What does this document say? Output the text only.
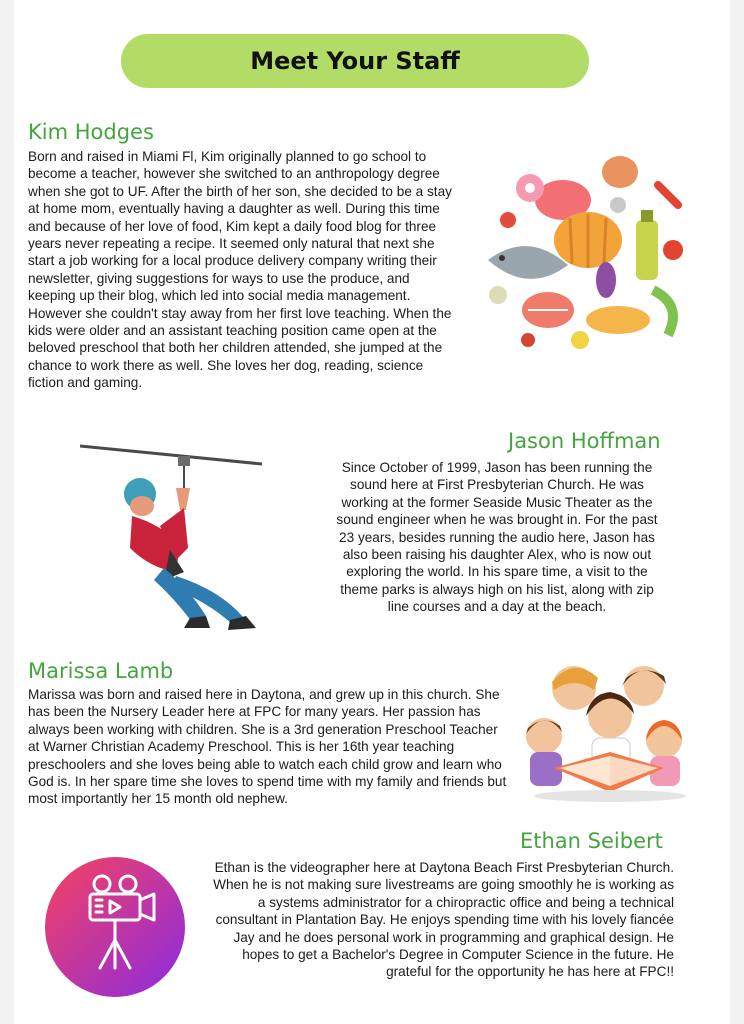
Meet Your Staff
Kim Hodges
Born and raised in Miami Fl, Kim originally planned to go school to become a teacher, however she switched to an anthropology degree when she got to UF. After the birth of her son, she decided to be a stay at home mom, eventually having a daughter as well. During this time and because of her love of food, Kim kept a daily food blog for three years never repeating a recipe. It seemed only natural that next she start a job working for a local produce delivery company writing their newsletter, giving suggestions for ways to use the produce, and keeping up their blog, which led into social media management. However she couldn't stay away from her first love teaching. When the kids were older and an assistant teaching position came open at the beloved preschool that both her children attended, she jumped at the chance to work there as well. She loves her dog, reading, science fiction and gaming.
Jason Hoffman
Since October of 1999, Jason has been running the sound here at First Presbyterian Church. He was working at the former Seaside Music Theater as the sound engineer when he was brought in. For the past 23 years, besides running the audio here, Jason has also been raising his daughter Alex, who is now out exploring the world. In his spare time, a visit to the theme parks is always high on his list, along with zip line courses and a day at the beach.
Marissa Lamb
Marissa was born and raised here in Daytona, and grew up in this church. She has been the Nursery Leader here at FPC for many years. Her passion has always been working with children. She is a 3rd generation Preschool Teacher at Warner Christian Academy Preschool. This is her 16th year teaching preschoolers and she loves being able to watch each child grow and learn who God is. In her spare time she loves to spend time with my family and friends but most importantly her 15 month old nephew.
Ethan Seibert
Ethan is the videographer here at Daytona Beach First Presbyterian Church. When he is not making sure livestreams are going smoothly he is working as a systems administrator for a chiropractic office and being a technical consultant in Plantation Bay. He enjoys spending time with his lovely fiancée Jay and he does personal work in programming and graphical design. He hopes to get a Bachelor's Degree in Computer Science in the future. He grateful for the opportunity he has here at FPC!!
